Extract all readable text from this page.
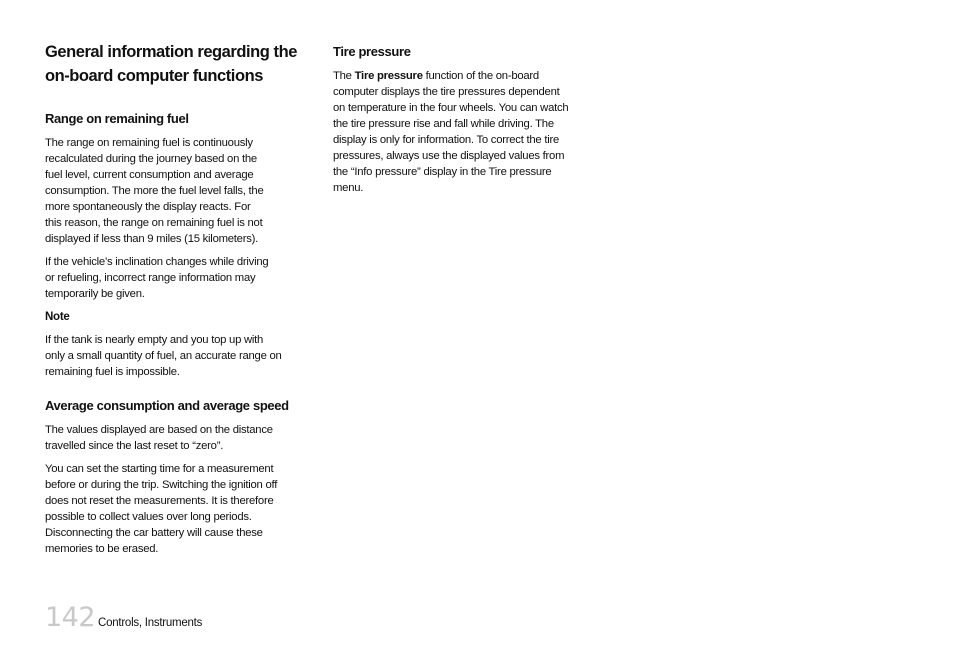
General information regarding the
on-board computer functions
Range on remaining fuel

The range on remaining fuel is continuously
recalculated during the journey based on the
fuel level, current consumption and average
consumption. The more the fuel level falls, the
more spontaneously the display reacts. For
this reason, the range on remaining fuel is not
displayed if less than 9 miles (15 kilometers).

If the vehicle’s inclination changes while driving
or refueling, incorrect range information may
temporarily be given.

Note

If the tank is nearly empty and you top up with
only a small quantity of fuel, an accurate range on
remaining fuel is impossible.

Average consumption and average speed

The values displayed are based on the distance
travelled since the last reset to “zero”.

You can set the starting time for a measurement
before or during the trip. Switching the ignition off
does not reset the measurements. It is therefore
possible to collect values over long periods.
Disconnecting the car battery will cause these
memories to be erased.

Tire pressure

The Tire pressure function of the on-board
computer displays the tire pressures dependent
on temperature in the four wheels. You can watch
the tire pressure rise and fall while driving. The
display is only for information. To correct the tire
pressures, always use the displayed values from
the “Info pressure” display in the Tire pressure
menu.

142 Controls, Instruments
